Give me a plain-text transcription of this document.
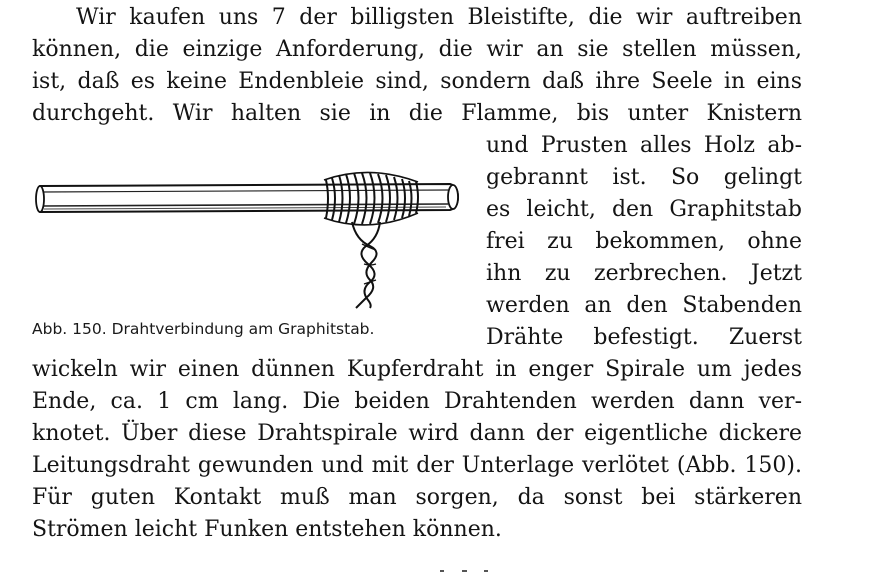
Wir kaufen uns 7 der billigsten Bleistifte, die wir auftreiben
können, die einzige Anforderung, die wir an sie stellen müssen,
ist, daß es keine Endenbleie sind, sondern daß ihre Seele in eins
durchgeht. Wir halten sie in die Flamme, bis unter Knistern
und Prusten alles Holz ab-
gebrannt ist. So gelingt
es leicht, den Graphitstab
frei zu bekommen, ohne
ihn zu zerbrechen. Jetzt
werden an den Stabenden
Drähte befestigt. Zuerst
wickeln wir einen dünnen Kupferdraht in enger Spirale um jedes
Ende, ca. 1 cm lang. Die beiden Drahtenden werden dann ver-
knotet. Über diese Drahtspirale wird dann der eigentliche dickere
Leitungsdraht gewunden und mit der Unterlage verlötet (Abb. 150).
Für guten Kontakt muß man sorgen, da sonst bei stärkeren
Strömen leicht Funken entstehen können.
Abb. 150. Drahtverbindung am Graphitstab.
